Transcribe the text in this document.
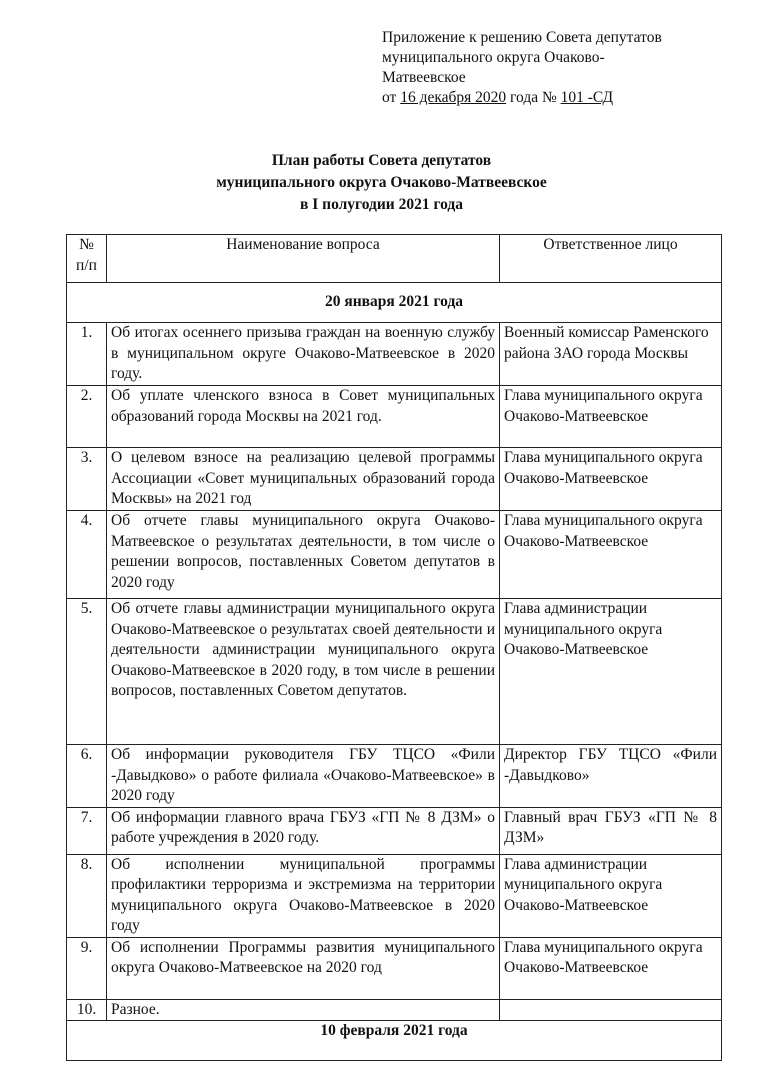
Приложение к решению Совета депутатов
муниципального округа Очаково-
Матвеевское
от 16 декабря 2020 года № 101 -СД
План работы Совета депутатов
муниципального округа Очаково-Матвеевское
в I полугодии 2021 года
№ п/п	Наименование вопроса	Ответственное лицо
20 января 2021 года		
1.	Об итогах осеннего призыва граждан на военную службу в муниципальном округе Очаково-Матвеевское в 2020 году.	Военный комиссар Раменского района ЗАО города Москвы
2.	Об уплате членского взноса в Совет муниципальных образований города Москвы на 2021 год.	Глава муниципального округа Очаково-Матвеевское
3.	О целевом взносе на реализацию целевой программы Ассоциации «Совет муниципальных образований города Москвы» на 2021 год	Глава муниципального округа Очаково-Матвеевское
4.	Об отчете главы муниципального округа Очаково-Матвеевское о результатах деятельности, в том числе о решении вопросов, поставленных Советом депутатов в 2020 году	Глава муниципального округа Очаково-Матвеевское
5.	Об отчете главы администрации муниципального округа Очаково-Матвеевское о результатах своей деятельности и деятельности администрации муниципального округа Очаково-Матвеевское в 2020 году, в том числе в решении вопросов, поставленных Советом депутатов.	Глава администрации муниципального округа Очаково-Матвеевское
6.	Об информации руководителя ГБУ ТЦСО «Фили -Давыдково» о работе филиала «Очаково-Матвеевское» в 2020 году	Директор ГБУ ТЦСО «Фили -Давыдково»
7.	Об информации главного врача ГБУЗ «ГП № 8 ДЗМ» о работе учреждения в 2020 году.	Главный врач ГБУЗ «ГП № 8 ДЗМ»
8.	Об исполнении муниципальной программы профилактики терроризма и экстремизма на территории муниципального округа Очаково-Матвеевское в 2020 году	Глава администрации муниципального округа Очаково-Матвеевское
9.	Об исполнении Программы развития муниципального округа Очаково-Матвеевское на 2020 год	Глава муниципального округа Очаково-Матвеевское
10.	Разное.	
10 февраля 2021 года		
